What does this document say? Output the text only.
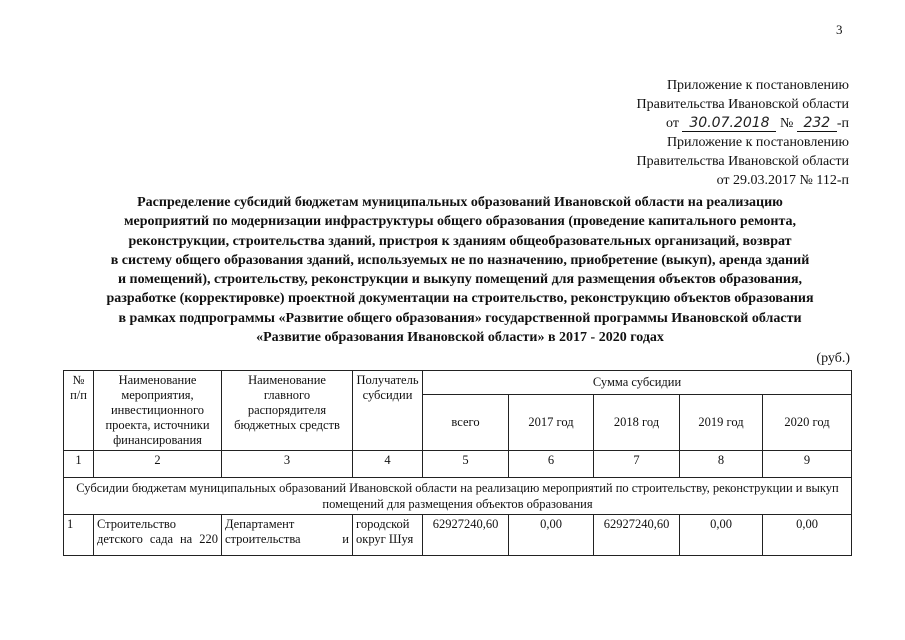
3
Приложение к постановлению
Правительства Ивановской области
от 30.07.2018 № 232 -п
Приложение к постановлению
Правительства Ивановской области
от 29.03.2017 № 112-п
Распределение субсидий бюджетам муниципальных образований Ивановской области на реализацию
мероприятий по модернизации инфраструктуры общего образования (проведение капитального ремонта,
реконструкции, строительства зданий, пристроя к зданиям общеобразовательных организаций, возврат
в систему общего образования зданий, используемых не по назначению, приобретение (выкуп), аренда зданий
и помещений), строительству, реконструкции и выкупу помещений для размещения объектов образования,
разработке (корректировке) проектной документации на строительство, реконструкцию объектов образования
в рамках подпрограммы «Развитие общего образования» государственной программы Ивановской области
«Развитие образования Ивановской области» в 2017 - 2020 годах
(руб.)
№ п/п	Наименование мероприятия, инвестиционного проекта, источники финансирования	Наименование главного распорядителя бюджетных средств	Получатель субсидии	Сумма субсидии				
				всего	2017 год	2018 год	2019 год	2020 год
1	2	3	4	5	6	7	8	9
Субсидии бюджетам муниципальных образований Ивановской области на реализацию мероприятий по строительству, реконструкции и выкуп помещений для размещения объектов образования								
1	Строительство детского сада на 220	Департамент строительства и	городской округ Шуя	62927240,60	0,00	62927240,60	0,00	0,00
